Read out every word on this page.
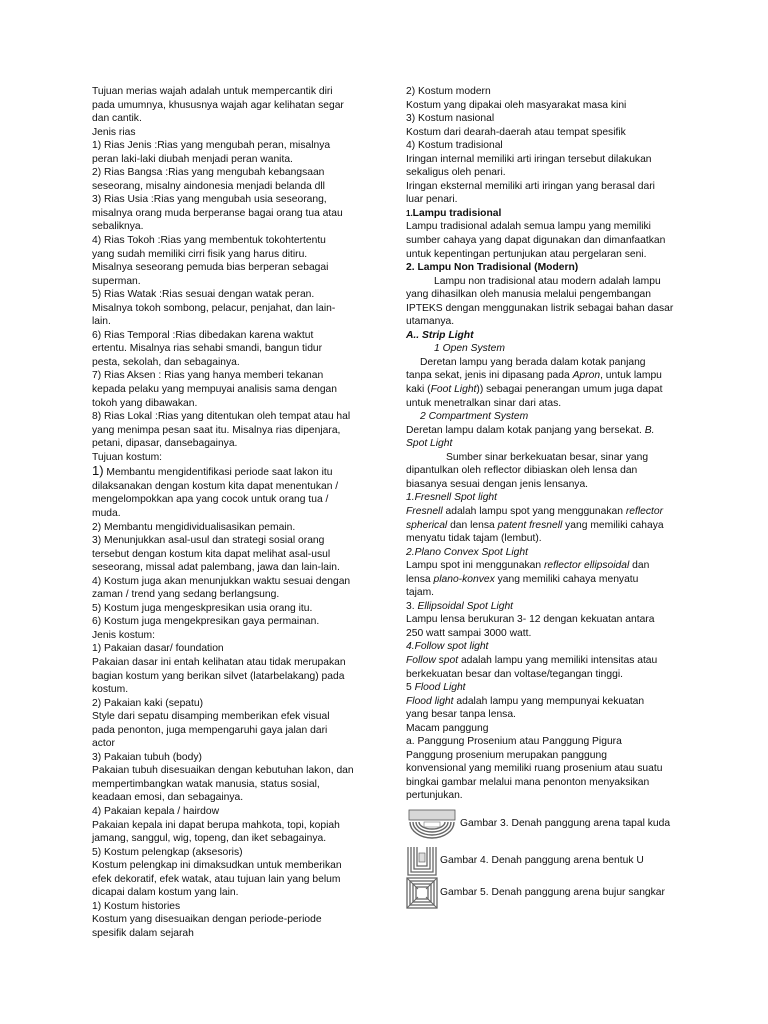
Tujuan merias wajah adalah untuk mempercantik diri
pada umumnya, khususnya wajah agar kelihatan segar
dan cantik.
Jenis rias
1) Rias Jenis :Rias yang mengubah peran, misalnya
peran laki-laki diubah menjadi peran wanita.
2) Rias Bangsa :Rias yang mengubah kebangsaan
seseorang, misalny aindonesia menjadi belanda dll
3) Rias Usia :Rias yang mengubah usia seseorang,
misalnya orang muda berperanse bagai orang tua atau
sebaliknya.
4) Rias Tokoh :Rias yang membentuk tokohtertentu
yang sudah memiliki cirri fisik yang harus ditiru.
Misalnya seseorang pemuda bias berperan sebagai
superman.
5) Rias Watak :Rias sesuai dengan watak peran.
Misalnya tokoh sombong, pelacur, penjahat, dan lain-
lain.
6) Rias Temporal :Rias dibedakan karena waktut
ertentu. Misalnya rias sehabi smandi, bangun tidur
pesta, sekolah, dan sebagainya.
7) Rias Aksen : Rias yang hanya memberi tekanan
kepada pelaku yang mempuyai analisis sama dengan
tokoh yang dibawakan.
8) Rias Lokal :Rias yang ditentukan oleh tempat atau hal
yang menimpa pesan saat itu. Misalnya rias dipenjara,
petani, dipasar, dansebagainya.
Tujuan kostum:
1) Membantu mengidentifikasi periode saat lakon itu
dilaksanakan dengan kostum kita dapat menentukan /
mengelompokkan apa yang cocok untuk orang tua /
muda.
2) Membantu mengidividualisasikan pemain.
3) Menunjukkan asal-usul dan strategi sosial orang
tersebut dengan kostum kita dapat melihat asal-usul
seseorang, missal adat palembang, jawa dan lain-lain.
4) Kostum juga akan menunjukkan waktu sesuai dengan
zaman / trend yang sedang berlangsung.
5) Kostum juga mengeskpresikan usia orang itu.
6) Kostum juga mengekpresikan gaya permainan.
Jenis kostum:
1) Pakaian dasar/ foundation
Pakaian dasar ini entah kelihatan atau tidak merupakan
bagian kostum yang berikan silvet (latarbelakang) pada
kostum.
2) Pakaian kaki (sepatu)
Style dari sepatu disamping memberikan efek visual
pada penonton, juga mempengaruhi gaya jalan dari
actor
3) Pakaian tubuh (body)
Pakaian tubuh disesuaikan dengan kebutuhan lakon, dan
mempertimbangkan watak manusia, status sosial,
keadaan emosi, dan sebagainya.
4) Pakaian kepala / hairdow
Pakaian kepala ini dapat berupa mahkota, topi, kopiah
jamang, sanggul, wig, topeng, dan iket sebagainya.
5) Kostum pelengkap (aksesoris)
Kostum pelengkap ini dimaksudkan untuk memberikan
efek dekoratif, efek watak, atau tujuan lain yang belum
dicapai dalam kostum yang lain.
1) Kostum histories
Kostum yang disesuaikan dengan periode-periode
spesifik dalam sejarah
2) Kostum modern
Kostum yang dipakai oleh masyarakat masa kini
3) Kostum nasional
Kostum dari dearah-daerah atau tempat spesifik
4) Kostum tradisional
Iringan internal memiliki arti iringan tersebut dilakukan
sekaligus oleh penari.
Iringan eksternal memiliki arti iringan yang berasal dari
luar penari.
1.Lampu tradisional
Lampu tradisional adalah semua lampu yang memiliki
sumber cahaya yang dapat digunakan dan dimanfaatkan
untuk kepentingan pertunjukan atau pergelaran seni.
2. Lampu Non Tradisional (Modern)
Lampu non tradisional atau modern adalah lampu
yang dihasilkan oleh manusia melalui pengembangan
IPTEKS dengan menggunakan listrik sebagai bahan dasar
utamanya.
A.. Strip Light
1 Open System
Deretan lampu yang berada dalam kotak panjang
tanpa sekat, jenis ini dipasang pada Apron, untuk lampu
kaki (Foot Light)) sebagai penerangan umum juga dapat
untuk menetralkan sinar dari atas.
2 Compartment System
Deretan lampu dalam kotak panjang yang bersekat. B.
Spot Light
Sumber sinar berkekuatan besar, sinar yang
dipantulkan oleh reflector dibiaskan oleh lensa dan
biasanya sesuai dengan jenis lensanya.
1.Fresnell Spot light
Fresnell adalah lampu spot yang menggunakan reflector
spherical dan lensa patent fresnell yang memiliki cahaya
menyatu tidak tajam (lembut).
2.Plano Convex Spot Light
Lampu spot ini menggunakan reflector ellipsoidal dan
lensa plano-konvex yang memiliki cahaya menyatu
tajam.
3. Ellipsoidal Spot Light
Lampu lensa berukuran 3- 12 dengan kekuatan antara
250 watt sampai 3000 watt.
4.Follow spot light
Follow spot adalah lampu yang memiliki intensitas atau
berkekuatan besar dan voltase/tegangan tinggi.
5 Flood Light
Flood light adalah lampu yang mempunyai kekuatan
yang besar tanpa lensa.
Macam panggung
a. Panggung Prosenium atau Panggung Pigura
Panggung prosenium merupakan panggung
konvensional yang memiliki ruang prosenium atau suatu
bingkai gambar melalui mana penonton menyaksikan
pertunjukan.
Gambar 3. Denah panggung arena tapal kuda
Gambar 4. Denah panggung arena bentuk U
Gambar 5. Denah panggung arena bujur sangkar
